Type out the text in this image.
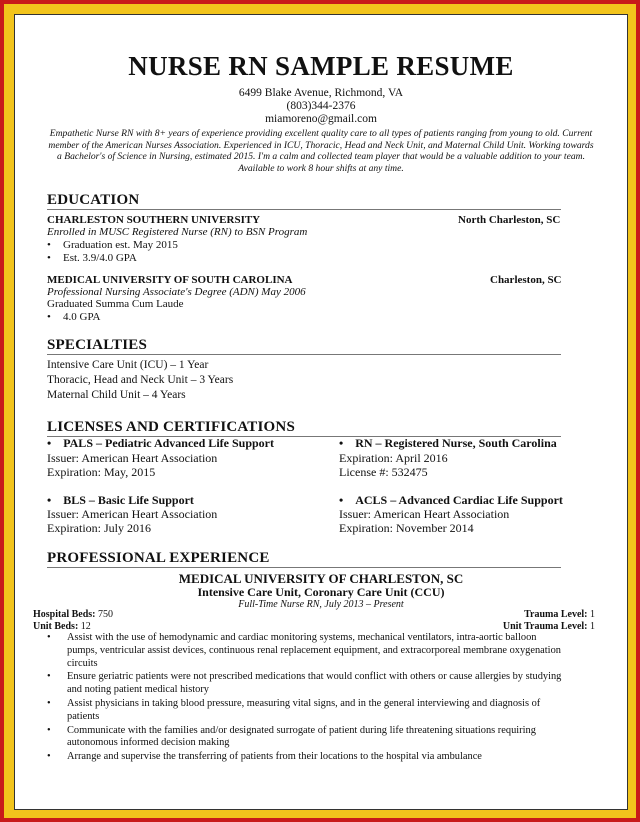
NURSE RN SAMPLE RESUME
6499 Blake Avenue, Richmond, VA
(803)344-2376
miamoreno@gmail.com
Empathetic Nurse RN with 8+ years of experience providing excellent quality care to all types of patients ranging from young to old. Current member of the American Nurses Association. Experienced in ICU, Thoracic, Head and Neck Unit, and Maternal Child Unit. Working towards a Bachelor's of Science in Nursing, estimated 2015. I'm a calm and collected team player that would be a valuable addition to your team. Available to work 8 hour shifts at any time.
EDUCATION
CHARLESTON SOUTHERN UNIVERSITY	North Charleston, SC
Enrolled in MUSC Registered Nurse (RN) to BSN Program
• Graduation est. May 2015
• Est. 3.9/4.0 GPA
MEDICAL UNIVERSITY OF SOUTH CAROLINA	Charleston, SC
Professional Nursing Associate's Degree (ADN) May 2006
Graduated Summa Cum Laude
• 4.0 GPA
SPECIALTIES
Intensive Care Unit (ICU) – 1 Year
Thoracic, Head and Neck Unit – 3 Years
Maternal Child Unit – 4 Years
LICENSES AND CERTIFICATIONS
•    PALS – Pediatric Advanced Life Support
Issuer: American Heart Association
Expiration: May, 2015
•    RN – Registered Nurse, South Carolina
Expiration: April 2016
License #: 532475
•    BLS – Basic Life Support
Issuer: American Heart Association
Expiration: July 2016
•    ACLS – Advanced Cardiac Life Support
Issuer: American Heart Association
Expiration: November 2014
PROFESSIONAL EXPERIENCE
MEDICAL UNIVERSITY OF CHARLESTON, SC
Intensive Care Unit, Coronary Care Unit (CCU)
Full-Time Nurse RN, July 2013 – Present
Hospital Beds: 750
Unit Beds: 12
Trauma Level: 1
Unit Trauma Level: 1
• Assist with the use of hemodynamic and cardiac monitoring systems, mechanical ventilators, intra-aortic balloon pumps, ventricular assist devices, continuous renal replacement equipment, and extracorporeal membrane oxygenation circuits
• Ensure geriatric patients were not prescribed medications that would conflict with others or cause allergies by studying and noting patient medical history
• Assist physicians in taking blood pressure, measuring vital signs, and in the general interviewing and diagnosis of patients
• Communicate with the families and/or designated surrogate of patient during life threatening situations requiring autonomous informed decision making
• Arrange and supervise the transferring of patients from their locations to the hospital via ambulance
